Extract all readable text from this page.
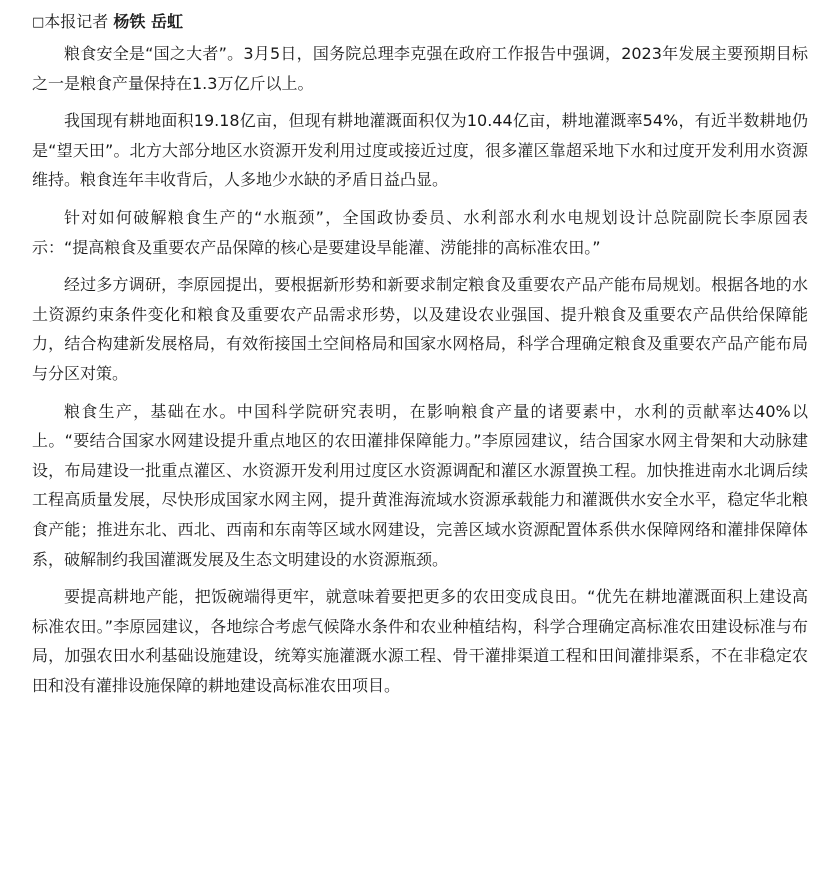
□本报记者 杨铁 岳虹

粮食安全是“国之大者”。3月5日，国务院总理李克强在政府工作报告中强调，2023年发展主要预期目标之一是粮食产量保持在1.3万亿斤以上。

我国现有耕地面积19.18亿亩，但现有耕地灌溉面积仅为10.44亿亩，耕地灌溉率54%，有近半数耕地仍是“望天田”。北方大部分地区水资源开发利用过度或接近过度，很多灌区靠超采地下水和过度开发利用水资源维持。粮食连年丰收背后，人多地少水缺的矛盾日益凸显。

针对如何破解粮食生产的“水瓶颈”，全国政协委员、水利部水利水电规划设计总院副院长李原园表示：“提高粮食及重要农产品保障的核心是要建设旱能灌、涝能排的高标准农田。”

经过多方调研，李原园提出，要根据新形势和新要求制定粮食及重要农产品产能布局规划。根据各地的水土资源约束条件变化和粮食及重要农产品需求形势，以及建设农业强国、提升粮食及重要农产品供给保障能力，结合构建新发展格局，有效衔接国土空间格局和国家水网格局，科学合理确定粮食及重要农产品产能布局与分区对策。

粮食生产，基础在水。中国科学院研究表明，在影响粮食产量的诸要素中，水利的贡献率达40%以上。“要结合国家水网建设提升重点地区的农田灌排保障能力。”李原园建议，结合国家水网主骨架和大动脉建设，布局建设一批重点灌区、水资源开发利用过度区水资源调配和灌区水源置换工程。加快推进南水北调后续工程高质量发展，尽快形成国家水网主网，提升黄淮海流域水资源承载能力和灌溉供水安全水平，稳定华北粮食产能；推进东北、西北、西南和东南等区域水网建设，完善区域水资源配置体系供水保障网络和灌排保障体系，破解制约我国灌溉发展及生态文明建设的水资源瓶颈。

要提高耕地产能，把饭碗端得更牢，就意味着要把更多的农田变成良田。“优先在耕地灌溉面积上建设高标准农田。”李原园建议，各地综合考虑气候降水条件和农业种植结构，科学合理确定高标准农田建设标准与布局，加强农田水利基础设施建设，统筹实施灌溉水源工程、骨干灌排渠道工程和田间灌排渠系，不在非稳定农田和没有灌排设施保障的耕地建设高标准农田项目。
